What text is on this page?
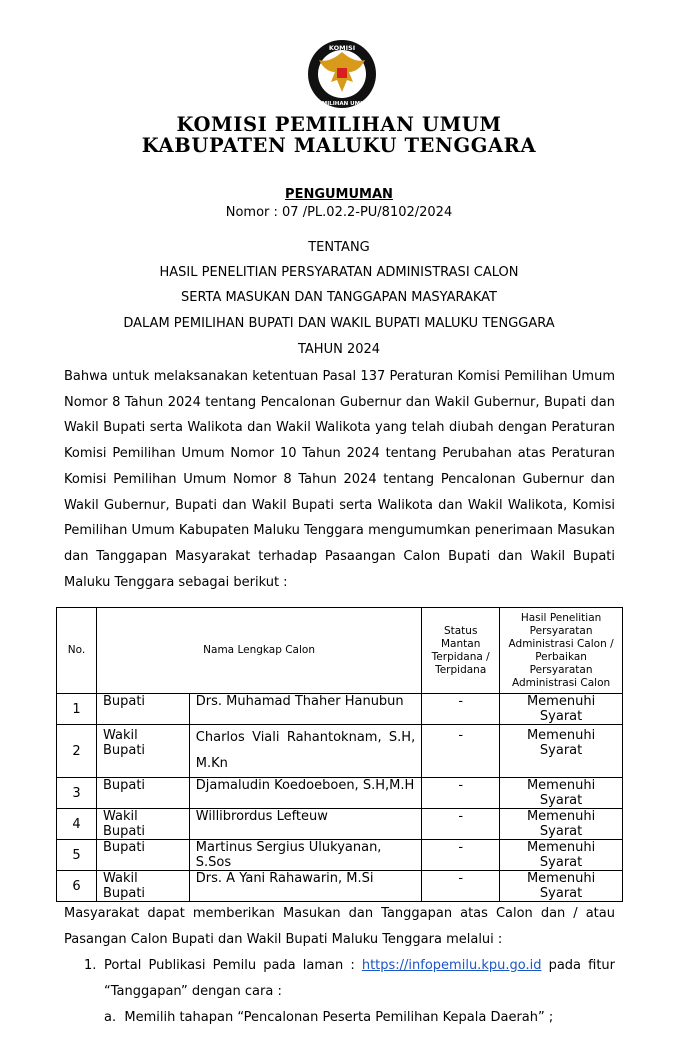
KOMISI
PEMILIHAN UMUM
KOMISI PEMILIHAN UMUM
KABUPATEN MALUKU TENGGARA
PENGUMUMAN
Nomor : 07 /PL.02.2-PU/8102/2024
TENTANG
HASIL PENELITIAN PERSYARATAN ADMINISTRASI CALON
SERTA MASUKAN DAN TANGGAPAN MASYARAKAT
DALAM PEMILIHAN BUPATI DAN WAKIL BUPATI MALUKU TENGGARA
TAHUN 2024
Bahwa untuk melaksanakan ketentuan Pasal 137 Peraturan Komisi Pemilihan Umum Nomor 8 Tahun 2024 tentang Pencalonan Gubernur dan Wakil Gubernur, Bupati dan Wakil Bupati serta Walikota dan Wakil Walikota yang telah diubah dengan Peraturan Komisi Pemilihan Umum Nomor 10 Tahun 2024 tentang Perubahan atas Peraturan Komisi Pemilihan Umum Nomor 8 Tahun 2024 tentang Pencalonan Gubernur dan Wakil Gubernur, Bupati dan Wakil Bupati serta Walikota dan Wakil Walikota, Komisi Pemilihan Umum Kabupaten Maluku Tenggara mengumumkan penerimaan Masukan dan Tanggapan Masyarakat terhadap Pasaangan Calon Bupati dan Wakil Bupati Maluku Tenggara sebagai berikut :
No.	Nama Lengkap Calon		Status Mantan Terpidana / Terpidana	Hasil Penelitian Persyaratan Administrasi Calon / Perbaikan Persyaratan Administrasi Calon
1	Bupati	Drs. Muhamad Thaher Hanubun	-	Memenuhi Syarat
2	Wakil Bupati	Charlos Viali Rahantoknam, S.H, M.Kn	-	Memenuhi Syarat
3	Bupati	Djamaludin Koedoeboen, S.H,M.H	-	Memenuhi Syarat
4	Wakil Bupati	Willibrordus Lefteuw	-	Memenuhi Syarat
5	Bupati	Martinus Sergius Ulukyanan, S.Sos	-	Memenuhi Syarat
6	Wakil Bupati	Drs. A Yani Rahawarin, M.Si	-	Memenuhi Syarat
Masyarakat dapat memberikan Masukan dan Tanggapan atas Calon dan / atau Pasangan Calon Bupati dan Wakil Bupati Maluku Tenggara melalui :
1. Portal Publikasi Pemilu pada laman : https://infopemilu.kpu.go.id pada fitur “Tanggapan” dengan cara :
a. Memilih tahapan “Pencalonan Peserta Pemilihan Kepala Daerah” ;
